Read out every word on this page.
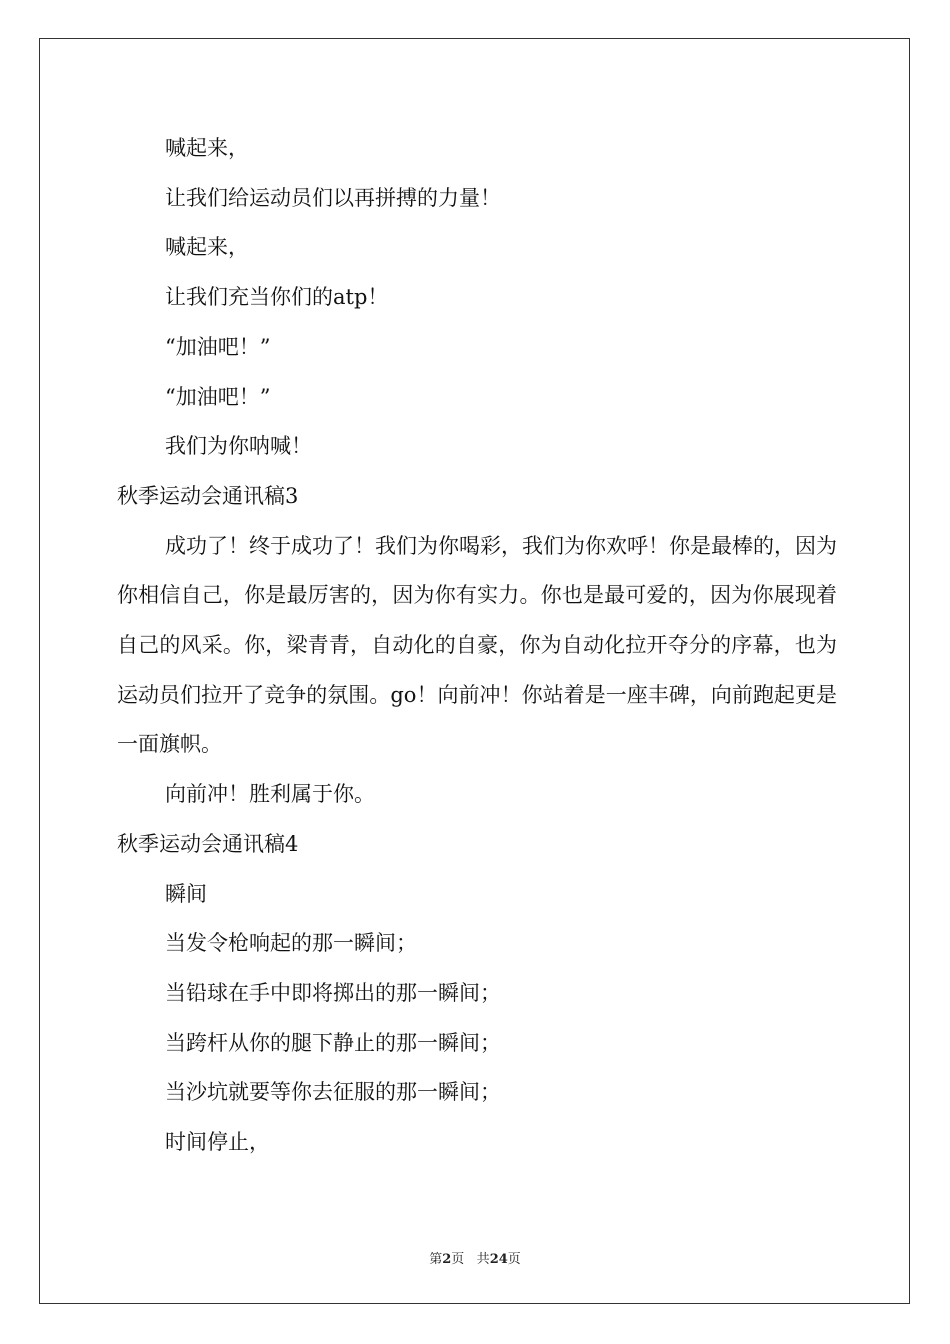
喊起来，
让我们给运动员们以再拼搏的力量！
喊起来，
让我们充当你们的atp！
“加油吧！”
“加油吧！”
我们为你呐喊！
秋季运动会通讯稿3

成功了！终于成功了！我们为你喝彩，我们为你欢呼！你是最棒的，因为你相信自己，你是最厉害的，因为你有实力。你也是最可爱的，因为你展现着自己的风采。你，梁青青，自动化的自豪，你为自动化拉开夺分的序幕，也为运动员们拉开了竞争的氛围。go！向前冲！你站着是一座丰碑，向前跑起更是一面旗帜。

向前冲！胜利属于你。
秋季运动会通讯稿4
瞬间
当发令枪响起的那一瞬间；
当铅球在手中即将掷出的那一瞬间；
当跨杆从你的腿下静止的那一瞬间；
当沙坑就要等你去征服的那一瞬间；
时间停止，
第2页 共24页
